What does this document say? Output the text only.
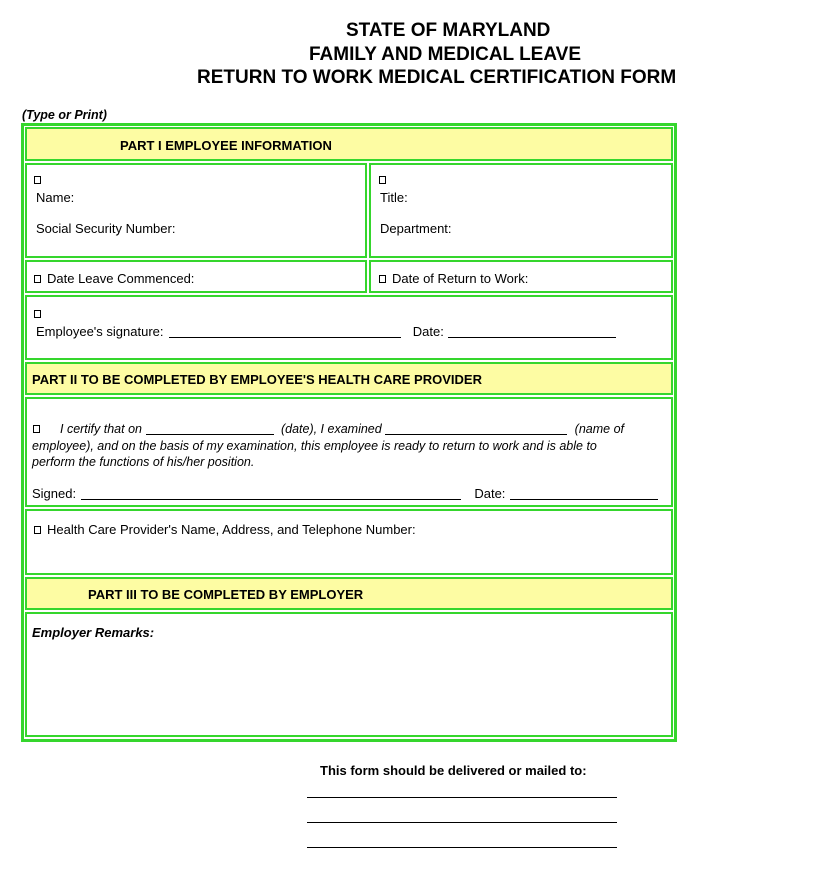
STATE OF MARYLAND
FAMILY AND MEDICAL LEAVE
RETURN TO WORK MEDICAL CERTIFICATION FORM
(Type or Print)
PART I EMPLOYEE INFORMATION
Name:
Social Security Number:
Title:
Department:
Date Leave Commenced:	Date of Return to Work:
Employee's signature:	Date:
PART II TO BE COMPLETED BY EMPLOYEE'S HEALTH CARE PROVIDER
I certify that on	(date), I examined	(name of
employee), and on the basis of my examination, this employee is ready to return to work and is able to
perform the functions of his/her position.
Signed:	Date:
Health Care Provider's Name, Address, and Telephone Number:
PART III TO BE COMPLETED BY EMPLOYER
Employer Remarks:
This form should be delivered or mailed to:
